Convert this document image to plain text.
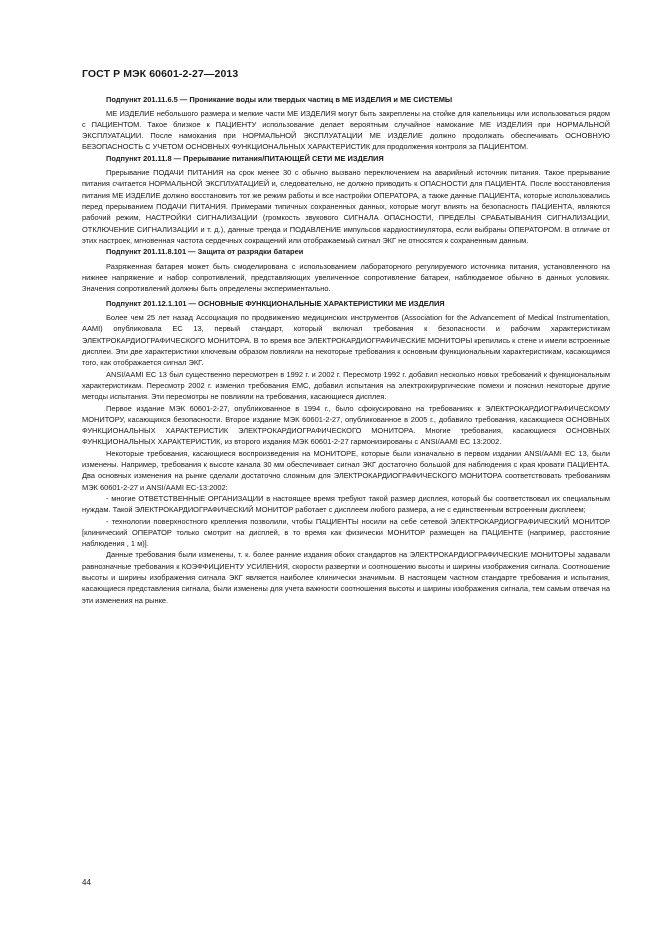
ГОСТ Р МЭК 60601-2-27—2013
Подпункт 201.11.6.5 — Проникание воды или твердых частиц в МЕ ИЗДЕЛИЯ и МЕ СИСТЕМЫ

МЕ ИЗДЕЛИЕ небольшого размера и мелкие части МЕ ИЗДЕЛИЯ могут быть закреплены на стойке для капельницы или использоваться рядом с ПАЦИЕНТОМ. Такое близкое к ПАЦИЕНТУ использование делает вероятным случайное намокание МЕ ИЗДЕЛИЯ при НОРМАЛЬНОЙ ЭКСПЛУАТАЦИИ. После намокания при НОРМАЛЬНОЙ ЭКСПЛУАТАЦИИ МЕ ИЗДЕЛИЕ должно продолжать обеспечивать ОСНОВНУЮ БЕЗОПАСНОСТЬ С УЧЕТОМ ОСНОВНЫХ ФУНКЦИОНАЛЬНЫХ ХАРАКТЕРИСТИК для продолжения контроля за ПАЦИЕНТОМ.

Подпункт 201.11.8 — Прерывание питания/ПИТАЮЩЕЙ СЕТИ МЕ ИЗДЕЛИЯ

Прерывание ПОДАЧИ ПИТАНИЯ на срок менее 30 с обычно вызвано переключением на аварийный источник питания. Такое прерывание питания считается НОРМАЛЬНОЙ ЭКСПЛУАТАЦИЕЙ и, следовательно, не должно приводить к ОПАСНОСТИ для ПАЦИЕНТА. После восстановления питания МЕ ИЗДЕЛИЕ должно восстановить тот же режим работы и все настройки ОПЕРАТОРА, а также данные ПАЦИЕНТА, которые использовались перед прерыванием ПОДАЧИ ПИТАНИЯ. Примерами типичных сохраненных данных, которые могут влиять на безопасность ПАЦИЕНТА, являются рабочий режим, НАСТРОЙКИ СИГНАЛИЗАЦИИ (громкость звукового СИГНАЛА ОПАСНОСТИ, ПРЕДЕЛЫ СРАБАТЫВАНИЯ СИГНАЛИЗАЦИИ, ОТКЛЮЧЕНИЕ СИГНАЛИЗАЦИИ и т. д.), данные тренда и ПОДАВЛЕНИЕ импульсов кардиостимулятора, если выбраны ОПЕРАТОРОМ. В отличие от этих настроек, мгновенная частота сердечных сокращений или отображаемый сигнал ЭКГ не относятся к сохраненным данным.

Подпункт 201.11.8.101 — Защита от разрядки батареи

Разряженная батарея может быть смоделирована с использованием лабораторного регулируемого источника питания, установленного на нижнее напряжение и набор сопротивлений, представляющих увеличенное сопротивление батареи, наблюдаемое обычно в данных условиях. Значения сопротивлений должны быть определены экспериментально.

Подпункт 201.12.1.101 — ОСНОВНЫЕ ФУНКЦИОНАЛЬНЫЕ ХАРАКТЕРИСТИКИ МЕ ИЗДЕЛИЯ

Более чем 25 лет назад Ассоциация по продвижению медицинских инструментов (Association for the Advancement of Medical Instrumentation, AAMI) опубликовала EC 13, первый стандарт, который включал требования к безопасности и рабочим характеристикам ЭЛЕКТРОКАРДИОГРАФИЧЕСКОГО МОНИТОРА. В то время все ЭЛЕКТРОКАРДИОГРАФИЧЕСКИЕ МОНИТОРЫ крепились к стене и имели встроенные дисплеи. Эти две характеристики ключевым образом повлияли на некоторые требования к основным функциональным характеристикам, касающимся того, как отображается сигнал ЭКГ.

ANSI/AAMI EC 13 был существенно пересмотрен в 1992 г. и 2002 г. Пересмотр 1992 г. добавил несколько новых требований к функциональным характеристикам. Пересмотр 2002 г. изменил требования EMC, добавил испытания на электрохирургические помехи и пояснил некоторые другие методы испытания. Эти пересмотры не повлияли на требования, касающиеся дисплея.

Первое издание МЭК 60601-2-27, опубликованное в 1994 г., было сфокусировано на требованиях к ЭЛЕКТРОКАРДИОГРАФИЧЕСКОМУ МОНИТОРУ, касающихся безопасности. Второе издание МЭК 60601-2-27, опубликованное в 2005 г., добавило требования, касающиеся ОСНОВНЫХ ФУНКЦИОНАЛЬНЫХ ХАРАКТЕРИСТИК ЭЛЕКТРОКАРДИОГРАФИЧЕСКОГО МОНИТОРА. Многие требования, касающиеся ОСНОВНЫХ ФУНКЦИОНАЛЬНЫХ ХАРАКТЕРИСТИК, из второго издания МЭК 60601-2-27 гармонизированы с ANSI/AAMI EC 13:2002.

Некоторые требования, касающиеся воспроизведения на МОНИТОРЕ, которые были изначально в первом издании ANSI/AAMI EC 13, были изменены. Например, требования к высоте канала 30 мм обеспечивает сигнал ЭКГ достаточно большой для наблюдения с края кровати ПАЦИЕНТА. Два основных изменения на рынке сделали достаточно сложным для ЭЛЕКТРОКАРДИОГРАФИЧЕСКОГО МОНИТОРА соответствовать требованиям МЭК 60601-2-27 и ANSI/AAMI EC-13:2002:

- многие ОТВЕТСТВЕННЫЕ ОРГАНИЗАЦИИ в настоящее время требуют такой размер дисплея, который бы соответствовал их специальным нуждам. Такой ЭЛЕКТРОКАРДИОГРАФИЧЕСКИЙ МОНИТОР работает с дисплеем любого размера, а не с единственным встроенным дисплеем;

- технологии поверхностного крепления позволили, чтобы ПАЦИЕНТЫ носили на себе сетевой ЭЛЕКТРОКАРДИОГРАФИЧЕСКИЙ МОНИТОР [клинический ОПЕРАТОР только смотрит на дисплей, в то время как физически МОНИТОР размещен на ПАЦИЕНТЕ (например, расстояние наблюдения , 1 м)].

Данные требования были изменены, т. к. более ранние издания обоих стандартов на ЭЛЕКТРОКАРДИОГРАФИЧЕСКИЕ МОНИТОРЫ задавали равнозначные требования к КОЭФФИЦИЕНТУ УСИЛЕНИЯ, скорости развертки и соотношению высоты и ширины изображения сигнала. Соотношение высоты и ширины изображения сигнала ЭКГ является наиболее клинически значимым. В настоящем частном стандарте требования и испытания, касающиеся представления сигнала, были изменены для учета важности соотношения высоты и ширины изображения сигнала, тем самым отвечая на эти изменения на рынке.

44
